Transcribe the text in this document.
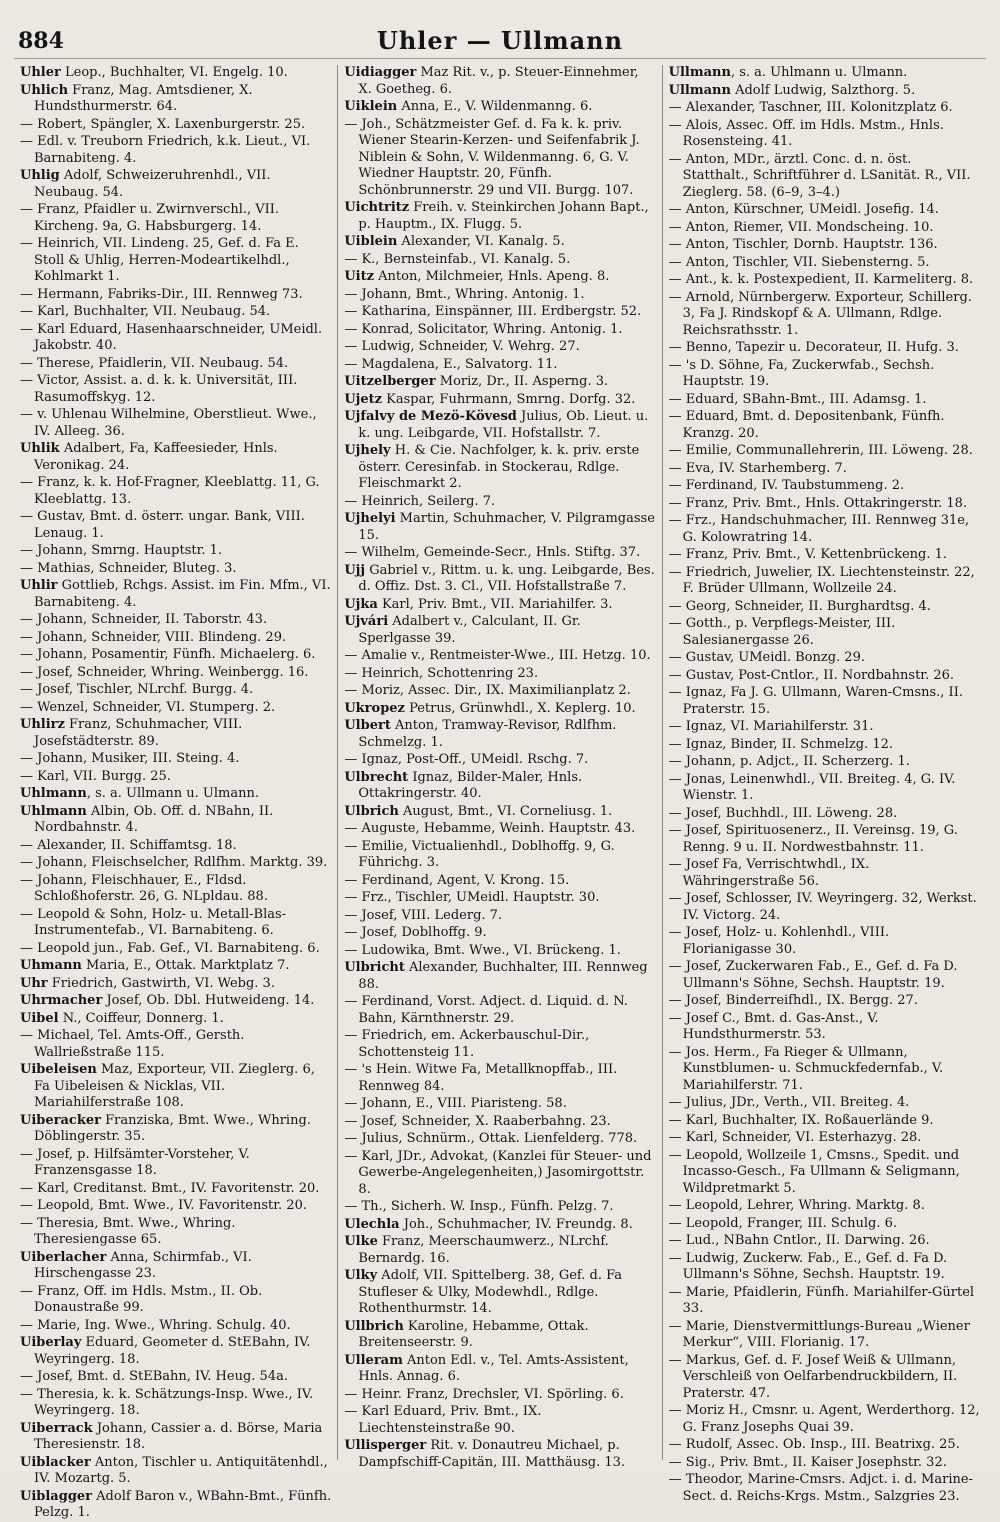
884	Uhler — Ullmann
Uhler Leop., Buchhalter, VI. Engelg. 10.
Uhlich Franz, Mag. Amtsdiener, X. Hundsthurmerstr. 64.
— Robert, Spängler, X. Laxenburgerstr. 25.
— Edl. v. Treuborn Friedrich, k.k. Lieut., VI. Barnabiteng. 4.
Uhlig Adolf, Schweizeruhrenhdl., VII. Neubaug. 54.
— Franz, Pfaidler u. Zwirnverschl., VII. Kircheng. 9a, G. Habsburgerg. 14.
— Heinrich, VII. Lindeng. 25, Gef. d. Fa E. Stoll & Uhlig, Herren-Modeartikelhdl., Kohlmarkt 1.
— Hermann, Fabriks-Dir., III. Rennweg 73.
— Karl, Buchhalter, VII. Neubaug. 54.
— Karl Eduard, Hasenhaarschneider, UMeidl. Jakobstr. 40.
— Therese, Pfaidlerin, VII. Neubaug. 54.
— Victor, Assist. a. d. k. k. Universität, III. Rasumoffskyg. 12.
— v. Uhlenau Wilhelmine, Oberstlieut. Wwe., IV. Alleeg. 36.
Uhlik Adalbert, Fa, Kaffeesieder, Hnls. Veronikag. 24.
— Franz, k. k. Hof-Fragner, Kleeblattg. 11, G. Kleeblattg. 13.
— Gustav, Bmt. d. österr. ungar. Bank, VIII. Lenaug. 1.
— Johann, Smrng. Hauptstr. 1.
— Mathias, Schneider, Bluteg. 3.
Uhlir Gottlieb, Rchgs. Assist. im Fin. Mfm., VI. Barnabiteng. 4.
— Johann, Schneider, II. Taborstr. 43.
— Johann, Schneider, VIII. Blindeng. 29.
— Johann, Posamentir, Fünfh. Michaelerg. 6.
— Josef, Schneider, Whring. Weinbergg. 16.
— Josef, Tischler, NLrchf. Burgg. 4.
— Wenzel, Schneider, VI. Stumperg. 2.
Uhlirz Franz, Schuhmacher, VIII. Josefstädterstr. 89.
— Johann, Musiker, III. Steing. 4.
— Karl, VII. Burgg. 25.
Uhlmann, s. a. Ullmann u. Ulmann.
Uhlmann Albin, Ob. Off. d. NBahn, II. Nordbahnstr. 4.
— Alexander, II. Schiffamtsg. 18.
— Johann, Fleischselcher, Rdlfhm. Marktg. 39.
— Johann, Fleischhauer, E., Fldsd. Schloßhoferstr. 26, G. NLpldau. 88.
— Leopold & Sohn, Holz- u. Metall-Blas-Instrumentefab., VI. Barnabiteng. 6.
— Leopold jun., Fab. Gef., VI. Barnabiteng. 6.
Uhmann Maria, E., Ottak. Marktplatz 7.
Uhr Friedrich, Gastwirth, VI. Webg. 3.
Uhrmacher Josef, Ob. Dbl. Hutweideng. 14.
Uibel N., Coiffeur, Donnerg. 1.
— Michael, Tel. Amts-Off., Gersth. Wallrießstraße 115.
Uibeleisen Maz, Exporteur, VII. Zieglerg. 6, Fa Uibeleisen & Nicklas, VII. Mariahilferstraße 108.
Uiberacker Franziska, Bmt. Wwe., Whring. Döblingerstr. 35.
— Josef, p. Hilfsämter-Vorsteher, V. Franzensgasse 18.
— Karl, Creditanst. Bmt., IV. Favoritenstr. 20.
— Leopold, Bmt. Wwe., IV. Favoritenstr. 20.
— Theresia, Bmt. Wwe., Whring. Theresiengasse 65.
Uiberlacher Anna, Schirmfab., VI. Hirschengasse 23.
— Franz, Off. im Hdls. Mstm., II. Ob. Donaustraße 99.
— Marie, Ing. Wwe., Whring. Schulg. 40.
Uiberlay Eduard, Geometer d. StEBahn, IV. Weyringerg. 18.
— Josef, Bmt. d. StEBahn, IV. Heug. 54a.
— Theresia, k. k. Schätzungs-Insp. Wwe., IV. Weyringerg. 18.
Uiberrack Johann, Cassier a. d. Börse, Maria Theresienstr. 18.
Uiblacker Anton, Tischler u. Antiquitätenhdl., IV. Mozartg. 5.
Uiblagger Adolf Baron v., WBahn-Bmt., Fünfh. Pelzg. 1.
Uidiagger Maz Rit. v., p. Steuer-Einnehmer, X. Goetheg. 6.
Uiklein Anna, E., V. Wildenmanng. 6.
— Joh., Schätzmeister Gef. d. Fa k. k. priv. Wiener Stearin-Kerzen- und Seifenfabrik J. Niblein & Sohn, V. Wildenmanng. 6, G. V. Wiedner Hauptstr. 20, Fünfh. Schönbrunnerstr. 29 und VII. Burgg. 107.
Uichtritz Freih. v. Steinkirchen Johann Bapt., p. Hauptm., IX. Flugg. 5.
Uiblein Alexander, VI. Kanalg. 5.
— K., Bernsteinfab., VI. Kanalg. 5.
Uitz Anton, Milchmeier, Hnls. Apeng. 8.
— Johann, Bmt., Whring. Antonig. 1.
— Katharina, Einspänner, III. Erdbergstr. 52.
— Konrad, Solicitator, Whring. Antonig. 1.
— Ludwig, Schneider, V. Wehrg. 27.
— Magdalena, E., Salvatorg. 11.
Uitzelberger Moriz, Dr., II. Asperng. 3.
Ujetz Kaspar, Fuhrmann, Smrng. Dorfg. 32.
Ujfalvy de Mezö-Kövesd Julius, Ob. Lieut. u. k. ung. Leibgarde, VII. Hofstallstr. 7.
Ujhely H. & Cie. Nachfolger, k. k. priv. erste österr. Ceresinfab. in Stockerau, Rdlge. Fleischmarkt 2.
— Heinrich, Seilerg. 7.
Ujhelyi Martin, Schuhmacher, V. Pilgramgasse 15.
— Wilhelm, Gemeinde-Secr., Hnls. Stiftg. 37.
Ujj Gabriel v., Rittm. u. k. ung. Leibgarde, Bes. d. Offiz. Dst. 3. Cl., VII. Hofstallstraße 7.
Ujka Karl, Priv. Bmt., VII. Mariahilfer. 3.
Ujvári Adalbert v., Calculant, II. Gr. Sperlgasse 39.
— Amalie v., Rentmeister-Wwe., III. Hetzg. 10.
— Heinrich, Schottenring 23.
— Moriz, Assec. Dir., IX. Maximilianplatz 2.
Ukropez Petrus, Grünwhdl., X. Keplerg. 10.
Ulbert Anton, Tramway-Revisor, Rdlfhm. Schmelzg. 1.
— Ignaz, Post-Off., UMeidl. Rschg. 7.
Ulbrecht Ignaz, Bilder-Maler, Hnls. Ottakringerstr. 40.
Ulbrich August, Bmt., VI. Corneliusg. 1.
— Auguste, Hebamme, Weinh. Hauptstr. 43.
— Emilie, Victualienhdl., Doblhoffg. 9, G. Führichg. 3.
— Ferdinand, Agent, V. Krong. 15.
— Frz., Tischler, UMeidl. Hauptstr. 30.
— Josef, VIII. Lederg. 7.
— Josef, Doblhoffg. 9.
— Ludowika, Bmt. Wwe., VI. Brückeng. 1.
Ulbricht Alexander, Buchhalter, III. Rennweg 88.
— Ferdinand, Vorst. Adject. d. Liquid. d. N. Bahn, Kärnthnerstr. 29.
— Friedrich, em. Ackerbauschul-Dir., Schottensteig 11.
— 's Hein. Witwe Fa, Metallknopffab., III. Rennweg 84.
— Johann, E., VIII. Piaristeng. 58.
— Josef, Schneider, X. Raaberbahng. 23.
— Julius, Schnürm., Ottak. Lienfelderg. 778.
— Karl, JDr., Advokat, (Kanzlei für Steuer- und Gewerbe-Angelegenheiten,) Jasomirgottstr. 8.
— Th., Sicherh. W. Insp., Fünfh. Pelzg. 7.
Ulechla Joh., Schuhmacher, IV. Freundg. 8.
Ulke Franz, Meerschaumwerz., NLrchf. Bernardg. 16.
Ulky Adolf, VII. Spittelberg. 38, Gef. d. Fa Stufleser & Ulky, Modewhdl., Rdlge. Rothenthurmstr. 14.
Ullbrich Karoline, Hebamme, Ottak. Breitenseerstr. 9.
Ulleram Anton Edl. v., Tel. Amts-Assistent, Hnls. Annag. 6.
— Heinr. Franz, Drechsler, VI. Spörling. 6.
— Karl Eduard, Priv. Bmt., IX. Liechtensteinstraße 90.
Ullisperger Rit. v. Donautreu Michael, p. Dampfschiff-Capitän, III. Matthäusg. 13.
Ullmann, s. a. Uhlmann u. Ulmann.
Ullmann Adolf Ludwig, Salzthorg. 5.
— Alexander, Taschner, III. Kolonitzplatz 6.
— Alois, Assec. Off. im Hdls. Mstm., Hnls. Rosensteing. 41.
— Anton, MDr., ärztl. Conc. d. n. öst. Statthalt., Schriftführer d. LSanität. R., VII. Zieglerg. 58. (6–9, 3–4.)
— Anton, Kürschner, UMeidl. Josefig. 14.
— Anton, Riemer, VII. Mondscheing. 10.
— Anton, Tischler, Dornb. Hauptstr. 136.
— Anton, Tischler, VII. Siebensterng. 5.
— Ant., k. k. Postexpedient, II. Karmeliterg. 8.
— Arnold, Nürnbergerw. Exporteur, Schillerg. 3, Fa J. Rindskopf & A. Ullmann, Rdlge. Reichsrathsstr. 1.
— Benno, Tapezir u. Decorateur, II. Hufg. 3.
— 's D. Söhne, Fa, Zuckerwfab., Sechsh. Hauptstr. 19.
— Eduard, SBahn-Bmt., III. Adamsg. 1.
— Eduard, Bmt. d. Depositenbank, Fünfh. Kranzg. 20.
— Emilie, Communallehrerin, III. Löweng. 28.
— Eva, IV. Starhemberg. 7.
— Ferdinand, IV. Taubstummeng. 2.
— Franz, Priv. Bmt., Hnls. Ottakringerstr. 18.
— Frz., Handschuhmacher, III. Rennweg 31e, G. Kolowratring 14.
— Franz, Priv. Bmt., V. Kettenbrückeng. 1.
— Friedrich, Juwelier, IX. Liechtensteinstr. 22, F. Brüder Ullmann, Wollzeile 24.
— Georg, Schneider, II. Burghardtsg. 4.
— Gotth., p. Verpflegs-Meister, III. Salesianergasse 26.
— Gustav, UMeidl. Bonzg. 29.
— Gustav, Post-Cntlor., II. Nordbahnstr. 26.
— Ignaz, Fa J. G. Ullmann, Waren-Cmsns., II. Praterstr. 15.
— Ignaz, VI. Mariahilferstr. 31.
— Ignaz, Binder, II. Schmelzg. 12.
— Johann, p. Adjct., II. Scherzerg. 1.
— Jonas, Leinenwhdl., VII. Breiteg. 4, G. IV. Wienstr. 1.
— Josef, Buchhdl., III. Löweng. 28.
— Josef, Spirituosenerz., II. Vereinsg. 19, G. Renng. 9 u. II. Nordwestbahnstr. 11.
— Josef Fa, Verrischtwhdl., IX. Währingerstraße 56.
— Josef, Schlosser, IV. Weyringerg. 32, Werkst. IV. Victorg. 24.
— Josef, Holz- u. Kohlenhdl., VIII. Florianigasse 30.
— Josef, Zuckerwaren Fab., E., Gef. d. Fa D. Ullmann's Söhne, Sechsh. Hauptstr. 19.
— Josef, Binderreifhdl., IX. Bergg. 27.
— Josef C., Bmt. d. Gas-Anst., V. Hundsthurmerstr. 53.
— Jos. Herm., Fa Rieger & Ullmann, Kunstblumen- u. Schmuckfedernfab., V. Mariahilferstr. 71.
— Julius, JDr., Verth., VII. Breiteg. 4.
— Karl, Buchhalter, IX. Roßauerlände 9.
— Karl, Schneider, VI. Esterhazyg. 28.
— Leopold, Wollzeile 1, Cmsns., Spedit. und Incasso-Gesch., Fa Ullmann & Seligmann, Wildpretmarkt 5.
— Leopold, Lehrer, Whring. Marktg. 8.
— Leopold, Franger, III. Schulg. 6.
— Lud., NBahn Cntlor., II. Darwing. 26.
— Ludwig, Zuckerw. Fab., E., Gef. d. Fa D. Ullmann's Söhne, Sechsh. Hauptstr. 19.
— Marie, Pfaidlerin, Fünfh. Mariahilfer-Gürtel 33.
— Marie, Dienstvermittlungs-Bureau „Wiener Merkur“, VIII. Florianig. 17.
— Markus, Gef. d. F. Josef Weiß & Ullmann, Verschleiß von Oelfarbendruckbildern, II. Praterstr. 47.
— Moriz H., Cmsnr. u. Agent, Werderthorg. 12, G. Franz Josephs Quai 39.
— Rudolf, Assec. Ob. Insp., III. Beatrixg. 25.
— Sig., Priv. Bmt., II. Kaiser Josephstr. 32.
— Theodor, Marine-Cmsrs. Adjct. i. d. Marine-Sect. d. Reichs-Krgs. Mstm., Salzgries 23.
